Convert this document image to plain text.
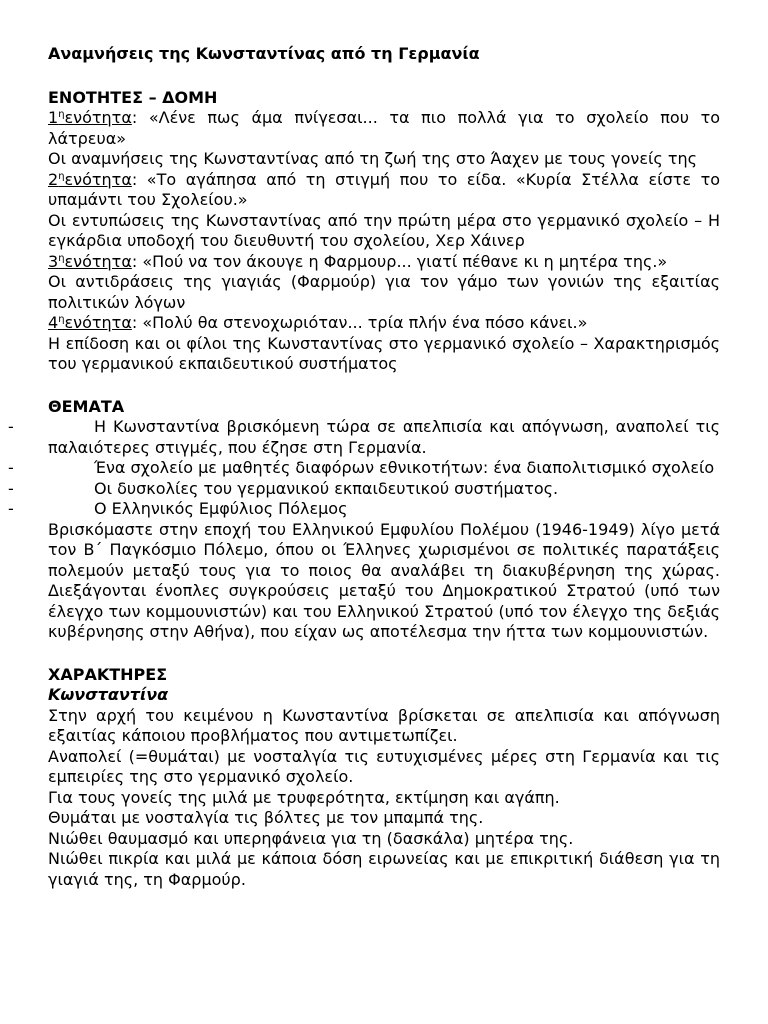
Αναμνήσεις της Κωνσταντίνας από τη Γερμανία

ΕΝΟΤΗΤΕΣ – ΔΟΜΗ

$1^\eta\varepsilon\nu ό\tau\eta\tau\alpha$: «Λένε πως άμα πνίγεσαι... τα πιο πολλά για το σχολείο που το λάτρευα»

Οι αναμνήσεις της Κωνσταντίνας από τη ζωή της στο Άαχεν με τους γονείς της

$2^\eta\varepsilon\nu ό\tau\eta\tau\alpha$: «Το αγάπησα από τη στιγμή που το είδα. «Κυρία Στέλλα είστε το υπαμάντι του Σχολείου.»

Οι εντυπώσεις της Κωνσταντίνας από την πρώτη μέρα στο γερμανικό σχολείο – Η εγκάρδια υποδοχή του διευθυντή του σχολείου, Χερ Χάινερ

$3^\eta\varepsilon\nu ό\tau\eta\tau\alpha$: «Πού να τον άκουγε η Φαρμουρ... γιατί πέθανε κι η μητέρα της.»

Οι αντιδράσεις της γιαγιάς (Φαρμούρ) για τον γάμο των γονιών της εξαιτίας πολιτικών λόγων

$4^\eta\varepsilon\nu ό\tau\eta\tau\alpha$: «Πολύ θα στενοχωριόταν... τρία πλήν ένα πόσο κάνει.»

Η επίδοση και οι φίλοι της Κωνσταντίνας στο γερμανικό σχολείο – Χαρακτηρισμός του γερμανικού εκπαιδευτικού συστήματος

ΘΕΜΑΤΑ

-	Η Κωνσταντίνα βρισκόμενη τώρα σε απελπισία και απόγνωση, αναπολεί τις παλαιότερες στιγμές, που έζησε στη Γερμανία.

-	Ένα σχολείο με μαθητές διαφόρων εθνικοτήτων: ένα διαπολιτισμικό σχολείο

-	Οι δυσκολίες του γερμανικού εκπαιδευτικού συστήματος.

-	Ο Ελληνικός Εμφύλιος Πόλεμος

Βρισκόμαστε στην εποχή του Ελληνικού Εμφυλίου Πολέμου (1946-1949) λίγο μετά τον Β΄ Παγκόσμιο Πόλεμο, όπου οι Έλληνες χωρισμένοι σε πολιτικές παρατάξεις πολεμούν μεταξύ τους για το ποιος θα αναλάβει τη διακυβέρνηση της χώρας. Διεξάγονται ένοπλες συγκρούσεις μεταξύ του Δημοκρατικού Στρατού (υπό των έλεγχο των κομμουνιστών) και του Ελληνικού Στρατού (υπό τον έλεγχο της δεξιάς κυβέρνησης στην Αθήνα), που είχαν ως αποτέλεσμα την ήττα των κομμουνιστών.

ΧΑΡΑΚΤΗΡΕΣ

Κωνσταντίνα

Στην αρχή του κειμένου η Κωνσταντίνα βρίσκεται σε απελπισία και απόγνωση εξαιτίας κάποιου προβλήματος που αντιμετωπίζει.

Αναπολεί (=θυμάται) με νοσταλγία τις ευτυχισμένες μέρες στη Γερμανία και τις εμπειρίες της στο γερμανικό σχολείο.

Για τους γονείς της μιλά με τρυφερότητα, εκτίμηση και αγάπη.

Θυμάται με νοσταλγία τις βόλτες με τον μπαμπά της.

Νιώθει θαυμασμό και υπερηφάνεια για τη (δασκάλα) μητέρα της.

Νιώθει πικρία και μιλά με κάποια δόση ειρωνείας και με επικριτική διάθεση για τη γιαγιά της, τη Φαρμούρ.
